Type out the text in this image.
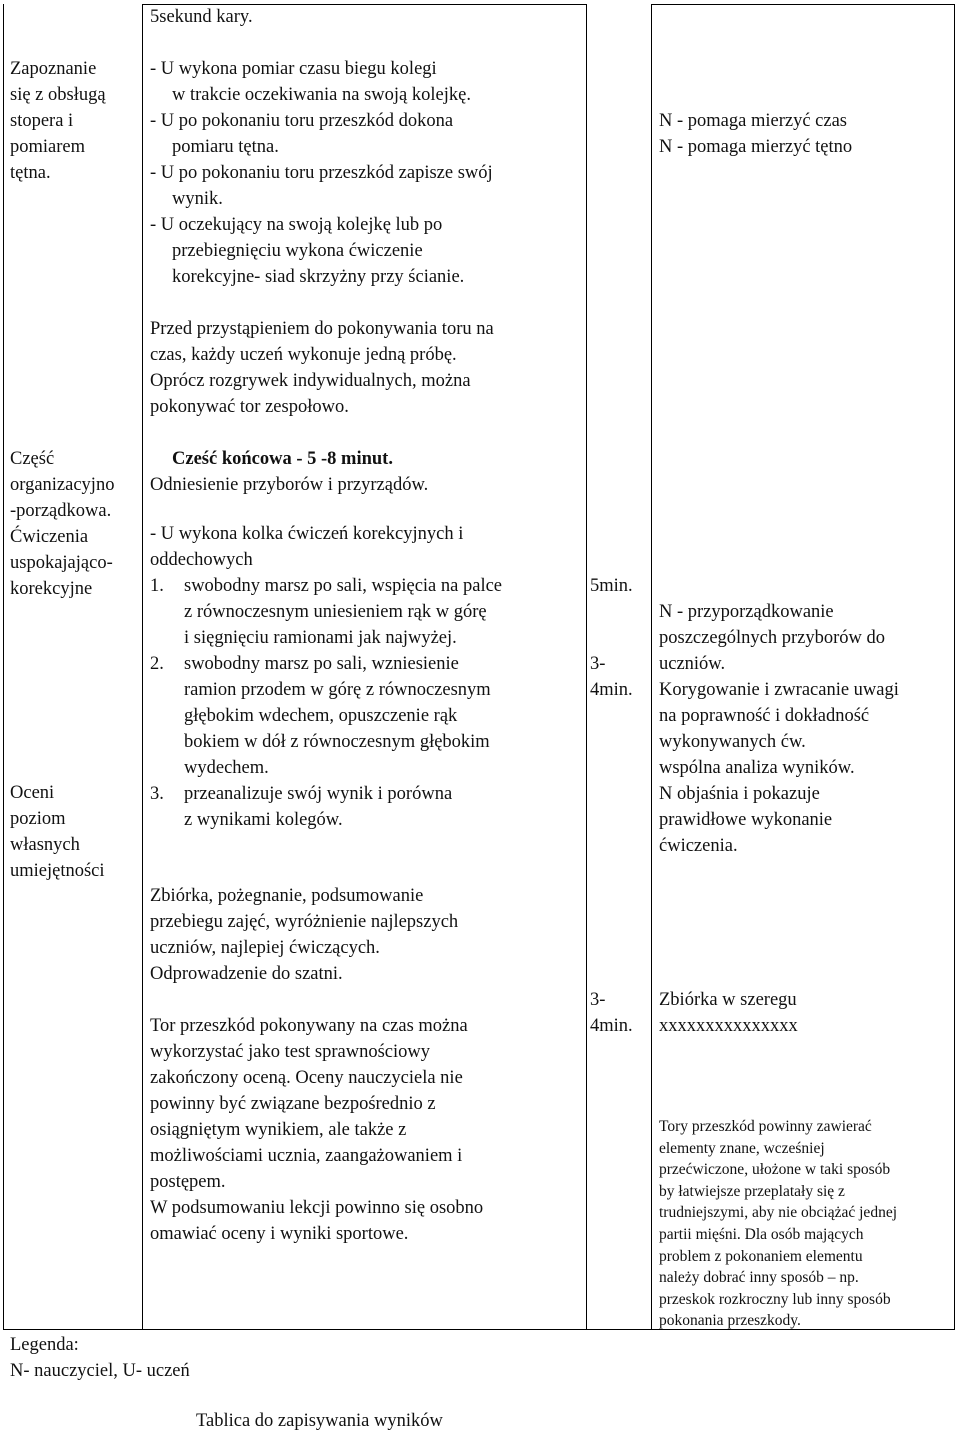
Zapoznanie
się z obsługą
stopera i
pomiarem
tętna.
Część
organizacyjno
-porządkowa.
Ćwiczenia
uspokajająco-
korekcyjne
Oceni
poziom
własnych
umiejętności
5sekund kary.
- U wykona pomiar czasu biegu kolegi
w trakcie oczekiwania na swoją kolejkę.
- U po pokonaniu toru przeszkód dokona
pomiaru tętna.
- U po pokonaniu toru przeszkód zapisze swój
wynik.
- U oczekujący na swoją kolejkę lub po
przebiegnięciu wykona ćwiczenie
korekcyjne- siad skrzyżny przy ścianie.
Przed przystąpieniem do pokonywania toru na
czas, każdy uczeń wykonuje jedną próbę.
Oprócz rozgrywek indywidualnych, można
pokonywać tor zespołowo.
Cześć końcowa - 5 -8 minut.
Odniesienie przyborów i przyrządów.
- U wykona kolka ćwiczeń korekcyjnych i
oddechowych
1. swobodny marsz po sali, wspięcia na palce
z równoczesnym uniesieniem rąk w górę
i sięgnięciu ramionami jak najwyżej.
2. swobodny marsz po sali, wzniesienie
ramion przodem w górę z równoczesnym
głębokim wdechem, opuszczenie rąk
bokiem w dół z równoczesnym głębokim
wydechem.
3. przeanalizuje swój wynik i porówna
z wynikami kolegów.
Zbiórka, pożegnanie, podsumowanie
przebiegu zajęć, wyróżnienie najlepszych
uczniów, najlepiej ćwiczących.
Odprowadzenie do szatni.
Tor przeszkód pokonywany na czas można
wykorzystać jako test sprawnościowy
zakończony oceną. Oceny nauczyciela nie
powinny być związane bezpośrednio z
osiągniętym wynikiem, ale także z
możliwościami ucznia, zaangażowaniem i
postępem.
W podsumowaniu lekcji powinno się osobno
omawiać oceny i wyniki sportowe.
5min.
3-
4min.
3-
4min.
N - pomaga mierzyć czas
N - pomaga mierzyć tętno
N - przyporządkowanie
poszczególnych przyborów do
uczniów.
Korygowanie i zwracanie uwagi
na poprawność i dokładność
wykonywanych ćw.
wspólna analiza wyników.
N objaśnia i pokazuje
prawidłowe wykonanie
ćwiczenia.
Zbiórka w szeregu
xxxxxxxxxxxxxxx
Tory przeszkód powinny zawierać
elementy znane, wcześniej
przećwiczone, ułożone w taki sposób
by łatwiejsze przeplatały się z
trudniejszymi, aby nie obciążać jednej
partii mięśni. Dla osób mających
problem z pokonaniem elementu
należy dobrać inny sposób – np.
przeskok rozkroczny lub inny sposób
pokonania przeszkody.
Legenda:
N- nauczyciel, U- uczeń
Tablica do zapisywania wyników
